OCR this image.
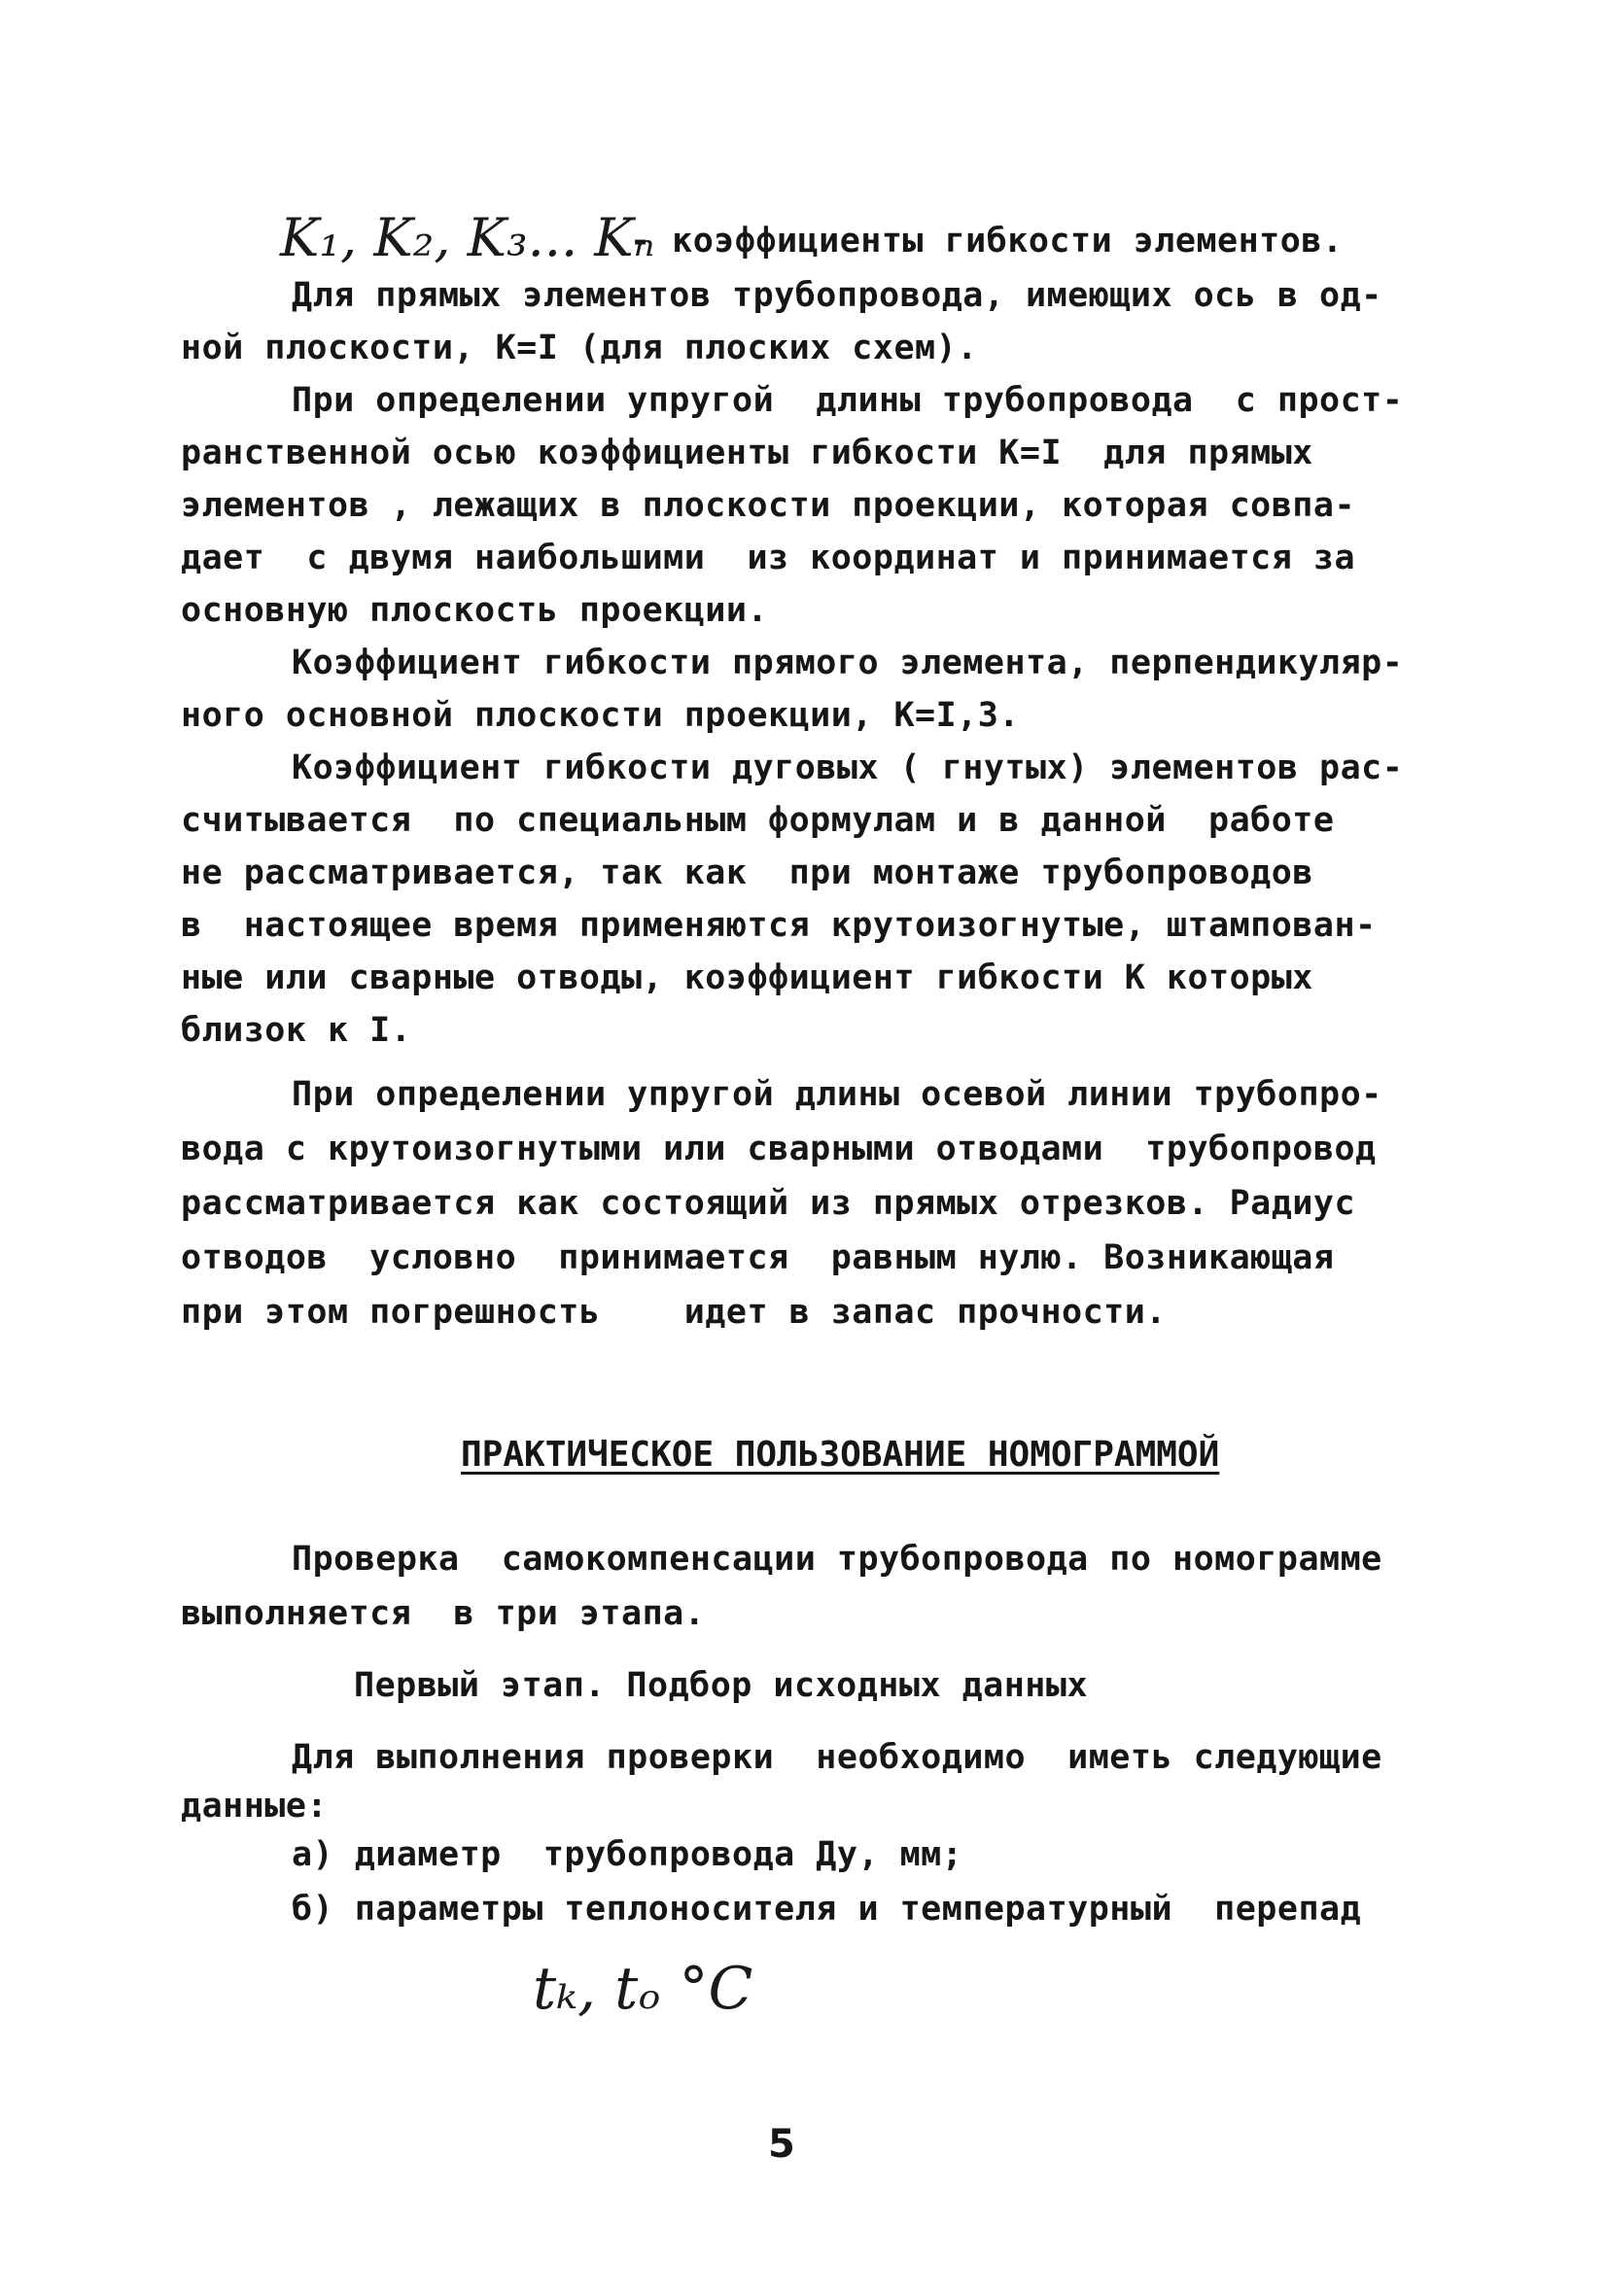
K₁, K₂, K₃... Kₙ
- коэффициенты гибкости элементов.
Для прямых элементов трубопровода, имеющих ось в од-
ной плоскости, К=I (для плоских схем).
При определении упругой  длины трубопровода  с прост-
ранственной осью коэффициенты гибкости К=I  для прямых
элементов , лежащих в плоскости проекции, которая совпа-
дает  с двумя наибольшими  из координат и принимается за
основную плоскость проекции.
Коэффициент гибкости прямого элемента, перпендикуляр-
ного основной плоскости проекции, К=I,3.
Коэффициент гибкости дуговых ( гнутых) элементов рас-
считывается  по специальным формулам и в данной  работе
не рассматривается, так как  при монтаже трубопроводов
в  настоящее время применяются крутоизогнутые, штампован-
ные или сварные отводы, коэффициент гибкости К которых
близок к I.
При определении упругой длины осевой линии трубопро-
вода с крутоизогнутыми или сварными отводами  трубопровод
рассматривается как состоящий из прямых отрезков. Радиус
отводов  условно  принимается  равным нулю. Возникающая
при этом погрешность    идет в запас прочности.
ПРАКТИЧЕСКОЕ ПОЛЬЗОВАНИЕ НОМОГРАММОЙ
Проверка  самокомпенсации трубопровода по номограмме
выполняется  в три этапа.
Первый этап. Подбор исходных данных
Для выполнения проверки  необходимо  иметь следующие
данные:
а) диаметр  трубопровода Ду, мм;
б) параметры теплоносителя и температурный  перепад
tₖ, tₒ °C
5
